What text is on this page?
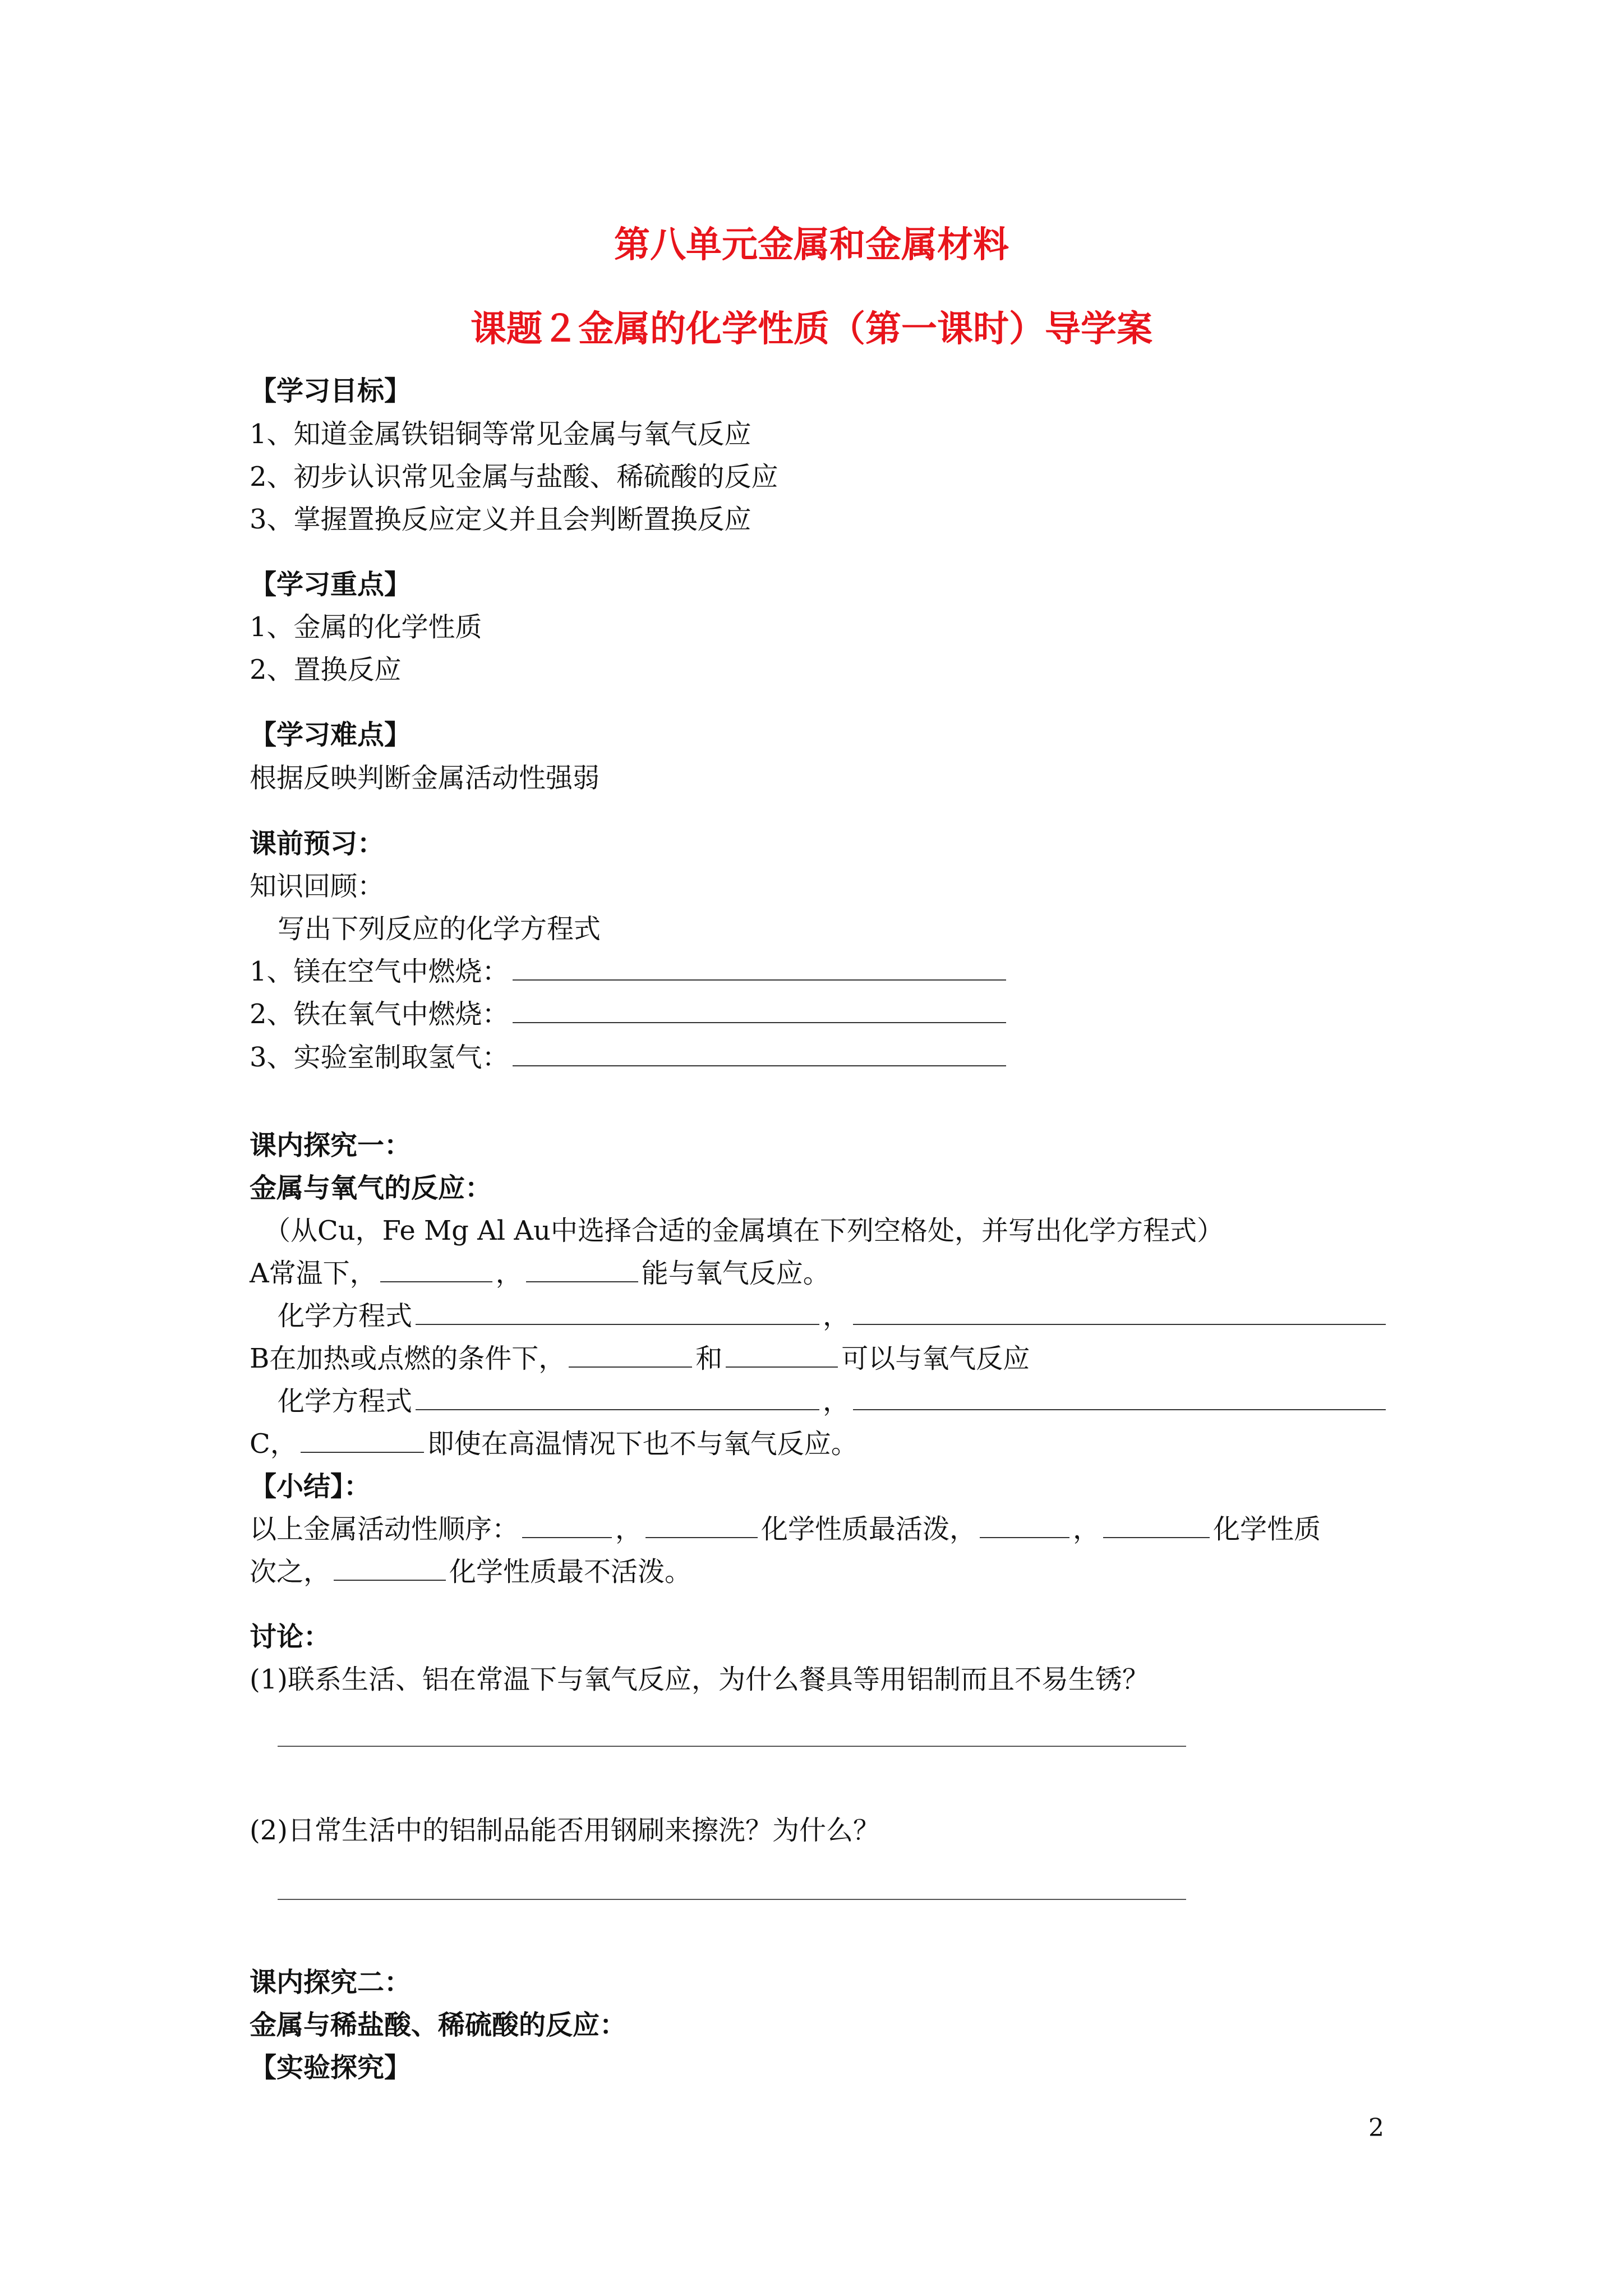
第八单元金属和金属材料
课题２金属的化学性质（第一课时）导学案
【学习目标】
1、知道金属铁铝铜等常见金属与氧气反应
2、初步认识常见金属与盐酸、稀硫酸的反应
3、掌握置换反应定义并且会判断置换反应
【学习重点】
1、金属的化学性质
2、置换反应
【学习难点】
根据反映判断金属活动性强弱
课前预习：
知识回顾：
写出下列反应的化学方程式
1、镁在空气中燃烧：
2、铁在氧气中燃烧：
3、实验室制取氢气：
课内探究一：
金属与氧气的反应：
（从Cu，Fe Mg Al Au中选择合适的金属填在下列空格处，并写出化学方程式）
A常温下，	，	能与氧气反应。
化学方程式	，
B在加热或点燃的条件下，	和	可以与氧气反应
化学方程式	，
C，	即使在高温情况下也不与氧气反应。
【小结】：
以上金属活动性顺序：	，	化学性质最活泼，	，	化学性质
次之，	化学性质最不活泼。
讨论：
(1)联系生活、铝在常温下与氧气反应，为什么餐具等用铝制而且不易生锈？
(2)日常生活中的铝制品能否用钢刷来擦洗？为什么？
课内探究二：
金属与稀盐酸、稀硫酸的反应：
【实验探究】
2
